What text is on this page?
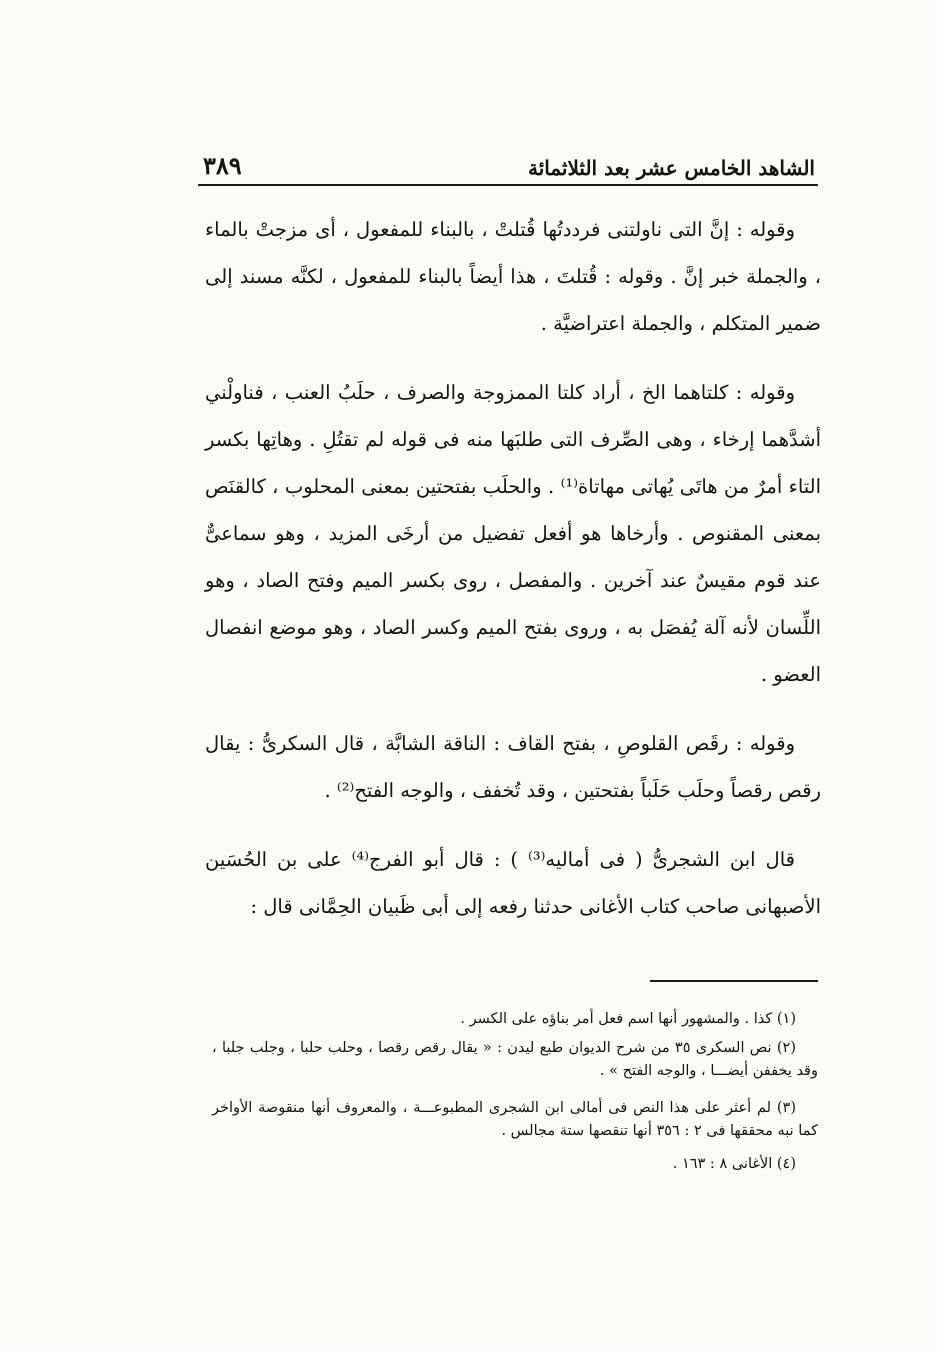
الشاهد الخامس عشر بعد الثلاثمائة
٣٨٩

وقوله : إنَّ التى ناولتنى فرددتُها قُتلتْ ، بالبناء للمفعول ، أى مزجتْ بالماء ، والجملة خبر إنَّ . وقوله : قُتلتَ ، هذا أيضاً بالبناء للمفعول ، لكنَّه مسند إلى ضمير المتكلم ، والجملة اعتراضيَّة .

وقوله : كلتاهما الخ ، أراد كلتا الممزوجة والصرف ، حلَبُ العنب ، فناولْني أشدَّهما إرخاء ، وهى الصِّرف التى طلبَها منه فى قوله لم تقتُلِ . وهاتِها بكسر التاء أمرٌ من هاتَى يُهاتى مهاتاة⁽¹⁾ . والحلَب بفتحتين بمعنى المحلوب ، كالقنَص بمعنى المقنوص . وأرخاها هو أفعل تفضيل من أرخَى المزيد ، وهو سماعىٌّ عند قوم مقيسٌ عند آخرين . والمفصل ، روى بكسر الميم وفتح الصاد ، وهو اللِّسان لأنه آلة يُفصَل به ، وروى بفتح الميم وكسر الصاد ، وهو موضع انفصال العضو .

وقوله : رقَص القلوصِ ، بفتح القاف : الناقة الشابَّة ، قال السكرىُّ : يقال رقص رقصاً وحلَب حَلَباً بفتحتين ، وقد تُخفف ، والوجه الفتح⁽²⁾ .

قال ابن الشجرىُّ ( فى أماليه⁽³⁾ ) : قال أبو الفرج⁽⁴⁾ على بن الحُسَين الأصبهانى صاحب كتاب الأغانى حدثنا رفعه إلى أبى ظَبيان الحِمَّانى قال :

(١) كذا . والمشهور أنها اسم فعل أمر بناؤه على الكسر .

(٢) نص السكرى ٣٥ من شرح الديوان طبع ليدن : « يقال رقص رقصا ، وحلب حلبا ، وجلب جلبا ، وقد يخففن أيضـــا ، والوجه الفتح » .

(٣) لم أعثر على هذا النص فى أمالى ابن الشجرى المطبوعـــة ، والمعروف أنها منقوصة الأواخر كما نبه محققها فى ٢ : ٣٥٦ أنها تنقصها ستة مجالس .

(٤) الأغانى ٨ : ١٦٣ .
